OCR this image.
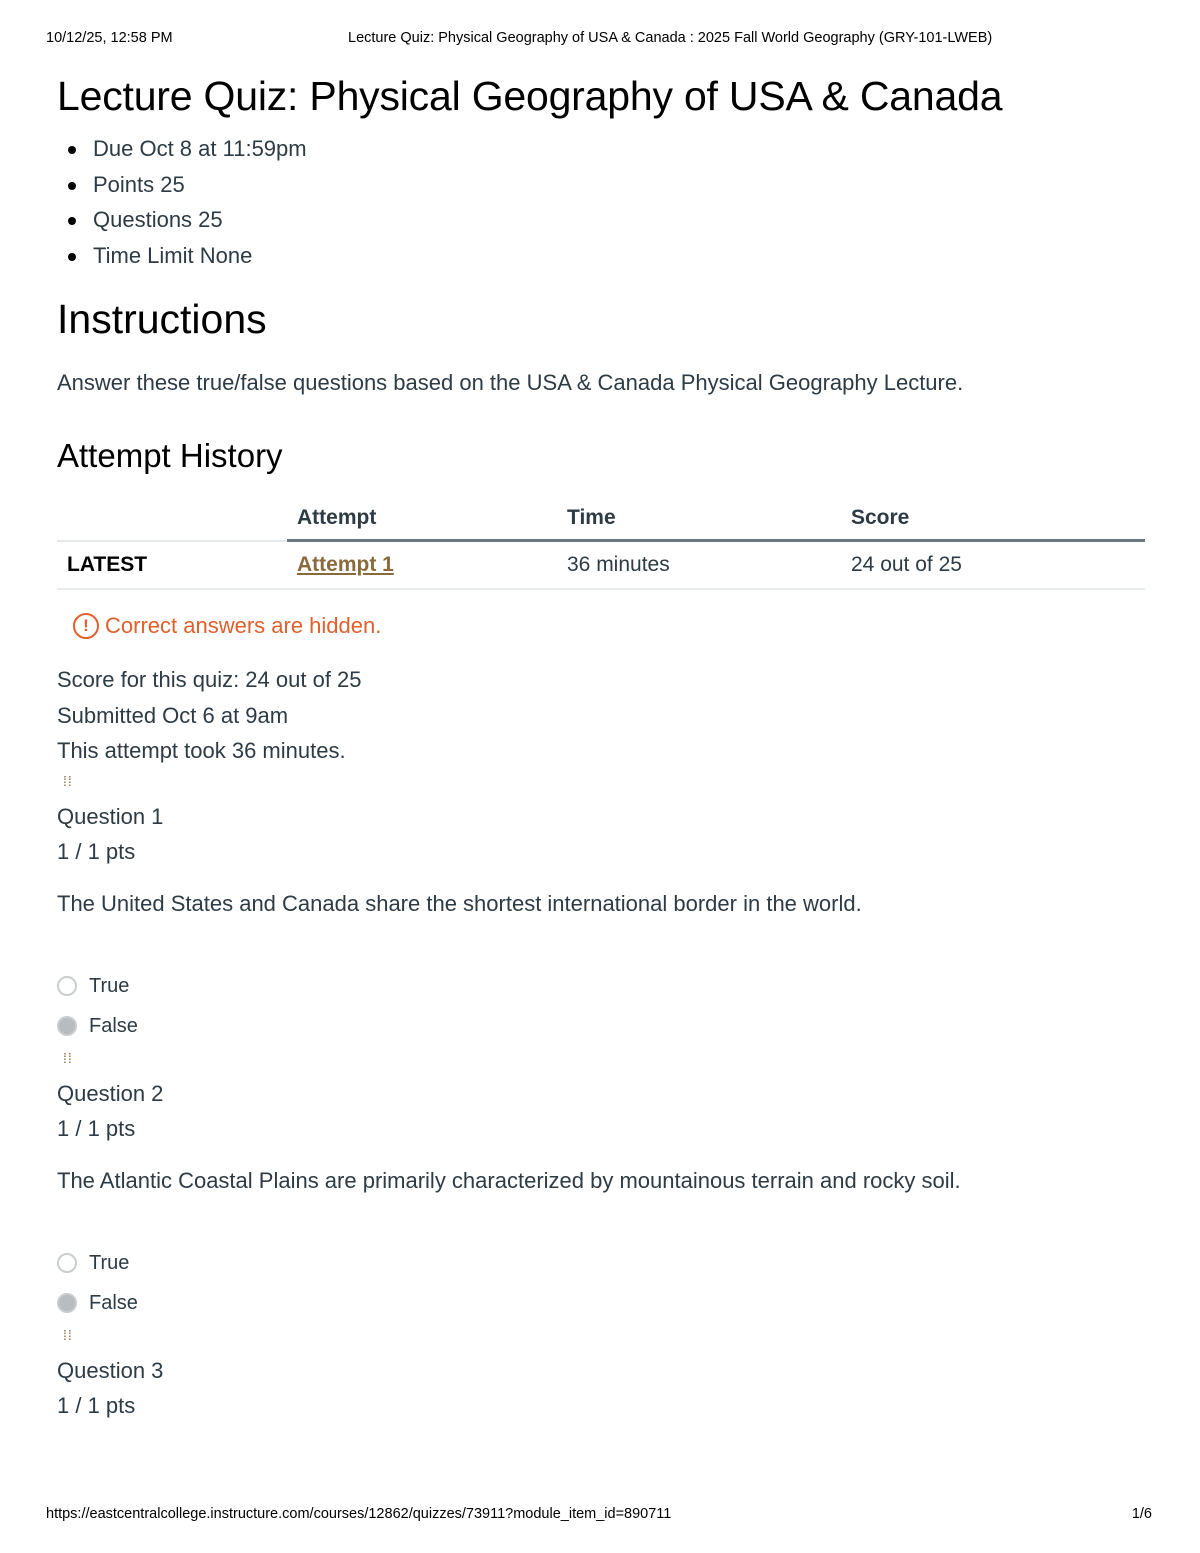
10/12/25, 12:58 PM	Lecture Quiz: Physical Geography of USA & Canada : 2025 Fall World Geography (GRY-101-LWEB)
Lecture Quiz: Physical Geography of USA & Canada
Due Oct 8 at 11:59pm
Points 25
Questions 25
Time Limit None
Instructions

Answer these true/false questions based on the USA & Canada Physical Geography Lecture.

Attempt History
	Attempt	Time	Score
LATEST	Attempt 1	36 minutes	24 out of 25
! Correct answers are hidden.
Score for this quiz: 24 out of 25
Submitted Oct 6 at 9am
This attempt took 36 minutes.
⁞⁞
Question 1
1 / 1 pts
The United States and Canada share the shortest international border in the world.
True
False
⁞⁞
Question 2
1 / 1 pts
The Atlantic Coastal Plains are primarily characterized by mountainous terrain and rocky soil.
True
False
⁞⁞
Question 3
1 / 1 pts
https://eastcentralcollege.instructure.com/courses/12862/quizzes/73911?module_item_id=890711	1/6
